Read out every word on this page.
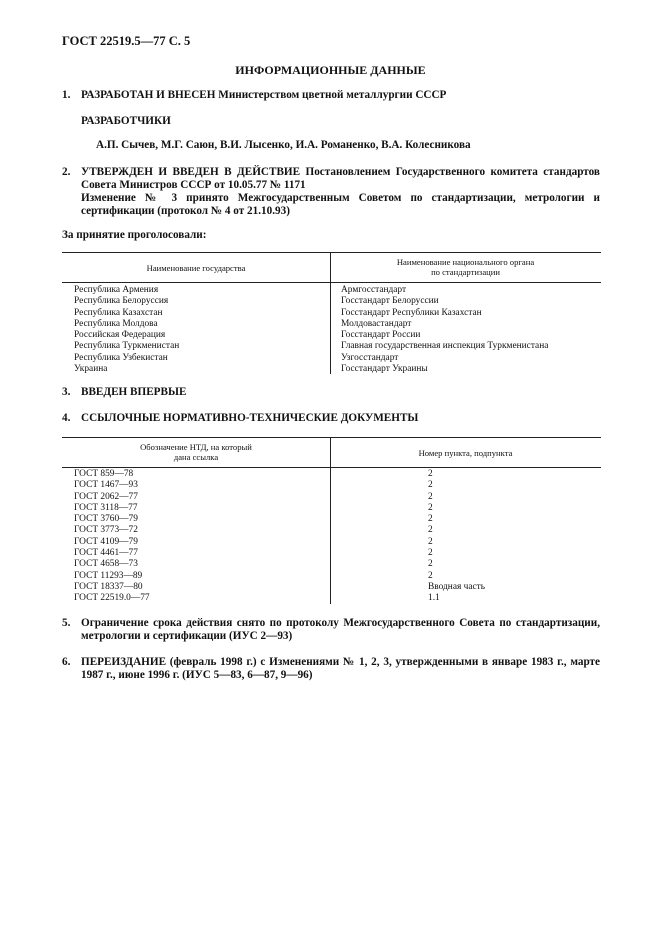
ГОСТ 22519.5—77 С. 5
ИНФОРМАЦИОННЫЕ ДАННЫЕ
1. РАЗРАБОТАН И ВНЕСЕН Министерством цветной металлургии СССР
РАЗРАБОТЧИКИ
А.П. Сычев, М.Г. Саюн, В.И. Лысенко, И.А. Романенко, В.А. Колесникова
2. УТВЕРЖДЕН И ВВЕДЕН В ДЕЙСТВИЕ Постановлением Государственного комитета стандартов Совета Министров СССР от 10.05.77 № 1171
Изменение № 3 принято Межгосударственным Советом по стандартизации, метрологии и сертификации (протокол № 4 от 21.10.93)
За принятие проголосовали:
Наименование государства
Наименование национального органа
по стандартизации
Республика Армения
Республика Белоруссия
Республика Казахстан
Республика Молдова
Российская Федерация
Республика Туркменистан
Республика Узбекистан
Украина
Армгосстандарт
Госстандарт Белоруссии
Госстандарт Республики Казахстан
Молдовастандарт
Госстандарт России
Главная государственная инспекция Туркменистана
Узгосстандарт
Госстандарт Украины
3. ВВЕДЕН ВПЕРВЫЕ
4. ССЫЛОЧНЫЕ НОРМАТИВНО-ТЕХНИЧЕСКИЕ ДОКУМЕНТЫ
Обозначение НТД, на который
дана ссылка	Номер пункта, подпункта
ГОСТ 859—78
ГОСТ 1467—93
ГОСТ 2062—77
ГОСТ 3118—77
ГОСТ 3760—79
ГОСТ 3773—72
ГОСТ 4109—79
ГОСТ 4461—77
ГОСТ 4658—73
ГОСТ 11293—89
ГОСТ 18337—80
ГОСТ 22519.0—77
2
2
2
2
2
2
2
2
2
2
Вводная часть
1.1
5. Ограничение срока действия снято по протоколу Межгосударственного Совета по стандартизации, метрологии и сертификации (ИУС 2—93)
6. ПЕРЕИЗДАНИЕ (февраль 1998 г.) с Изменениями № 1, 2, 3, утвержденными в январе 1983 г., марте 1987 г., июне 1996 г. (ИУС 5—83, 6—87, 9—96)
